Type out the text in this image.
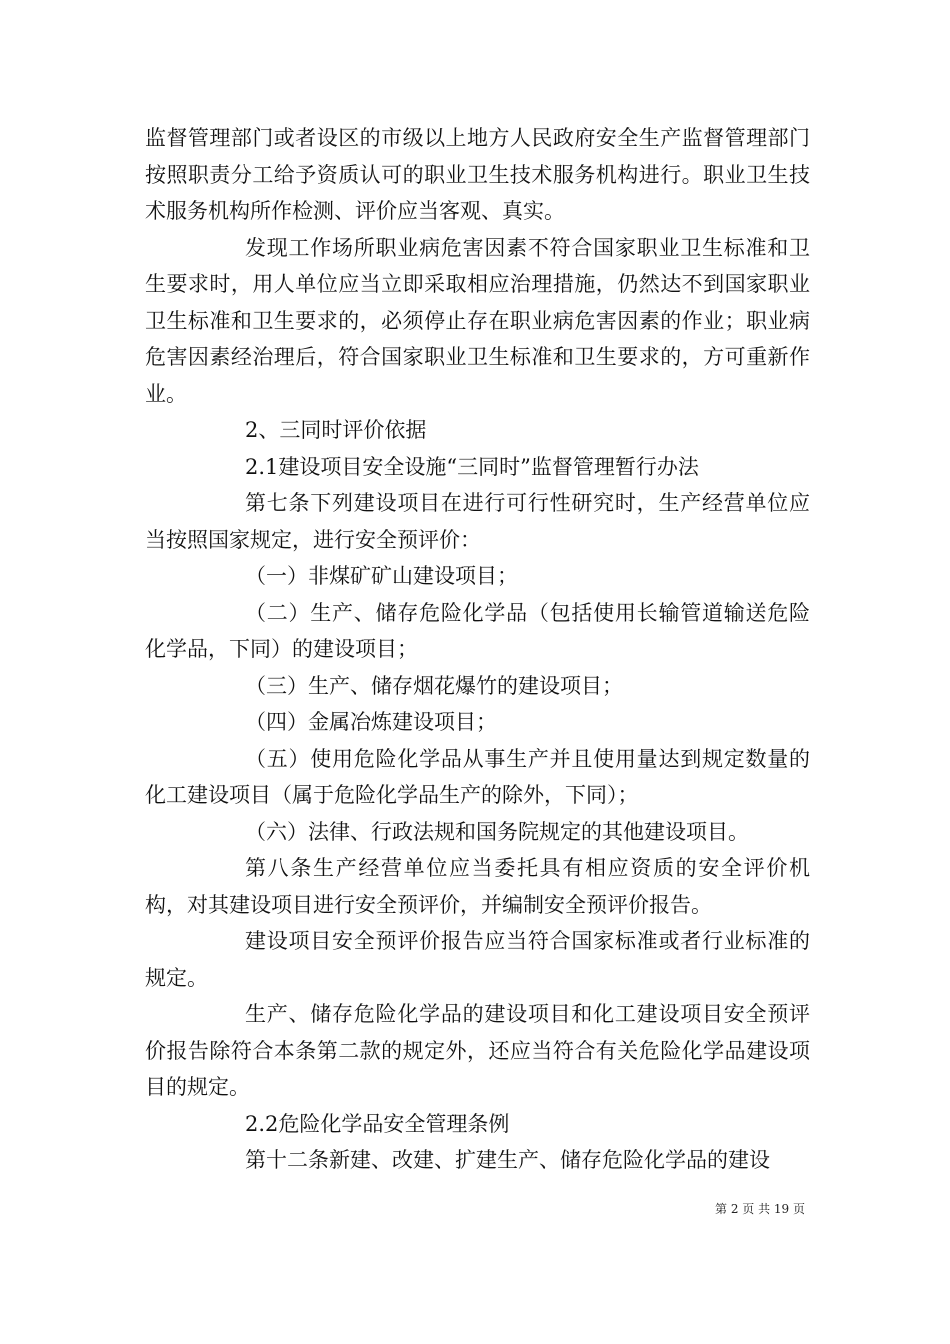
监督管理部门或者设区的市级以上地方人民政府安全生产监督管理部门按照职责分工给予资质认可的职业卫生技术服务机构进行。职业卫生技术服务机构所作检测、评价应当客观、真实。

发现工作场所职业病危害因素不符合国家职业卫生标准和卫生要求时，用人单位应当立即采取相应治理措施，仍然达不到国家职业卫生标准和卫生要求的，必须停止存在职业病危害因素的作业；职业病危害因素经治理后，符合国家职业卫生标准和卫生要求的，方可重新作业。

2、三同时评价依据

2.1建设项目安全设施“三同时”监督管理暂行办法

第七条下列建设项目在进行可行性研究时，生产经营单位应当按照国家规定，进行安全预评价：

（一）非煤矿矿山建设项目；

（二）生产、储存危险化学品（包括使用长输管道输送危险化学品，下同）的建设项目；

（三）生产、储存烟花爆竹的建设项目；

（四）金属冶炼建设项目；

（五）使用危险化学品从事生产并且使用量达到规定数量的化工建设项目（属于危险化学品生产的除外，下同）；

（六）法律、行政法规和国务院规定的其他建设项目。

第八条生产经营单位应当委托具有相应资质的安全评价机构，对其建设项目进行安全预评价，并编制安全预评价报告。

建设项目安全预评价报告应当符合国家标准或者行业标准的规定。

生产、储存危险化学品的建设项目和化工建设项目安全预评价报告除符合本条第二款的规定外，还应当符合有关危险化学品建设项目的规定。

2.2危险化学品安全管理条例

第十二条新建、改建、扩建生产、储存危险化学品的建设

第 2 页 共 19 页
